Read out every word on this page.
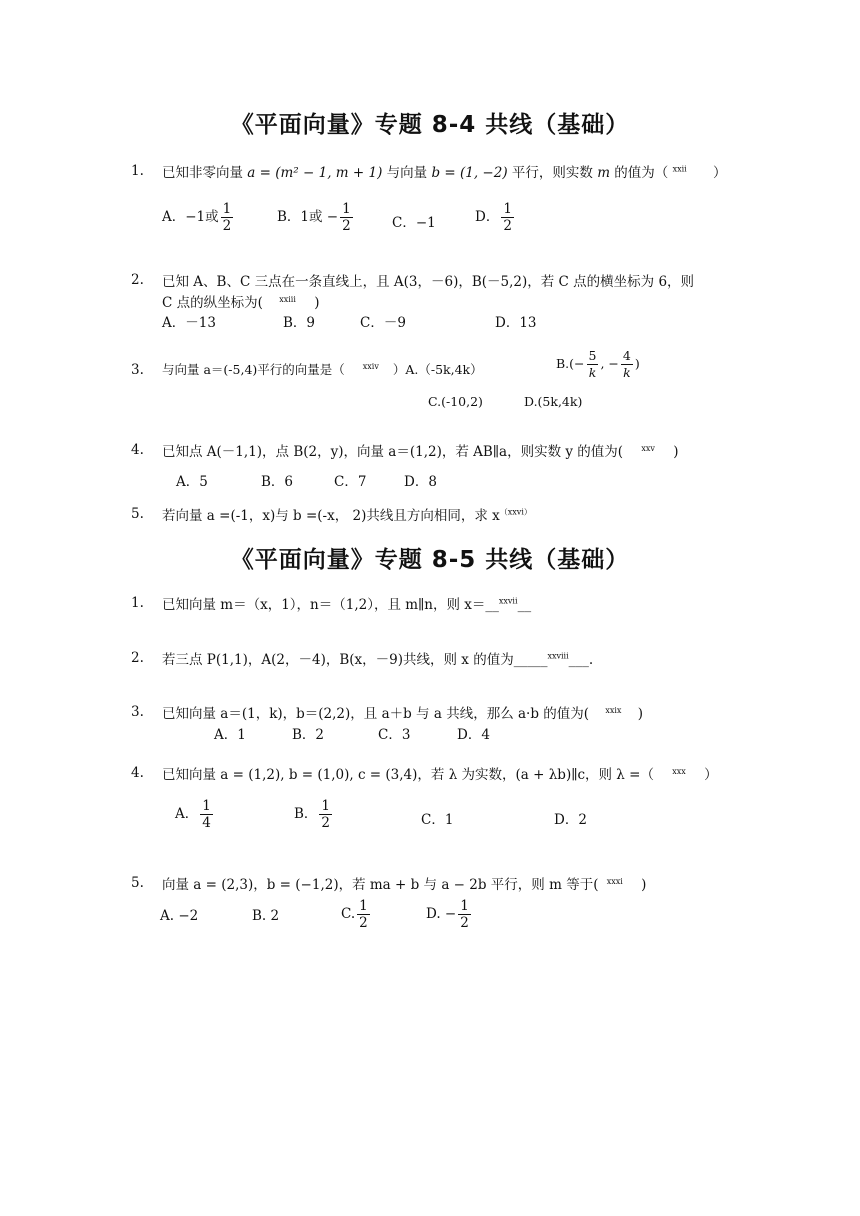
《平面向量》专题 8-4 共线（基础）
1. 已知非零向量 a = (m² − 1, m + 1) 与向量 b = (1, −2) 平行，则实数 m 的值为（ $^{xxii}$ ）
A．−1或 $\frac{1}{2}$	B．1或 − $\frac{1}{2}$	C．−1	D． $\frac{1}{2}$
2. 已知 A、B、C 三点在一条直线上，且 A(3，－6)，B(－5,2)，若 C 点的横坐标为 6，则
C 点的纵坐标为( $^{xxiii}$ )
A．－13	B．9	C．－9	D．13
3. 与向量 a＝(-5,4)平行的向量是（ $^{xxiv}$ ）A.（-5k,4k）	$B.(- \frac{5}{k}$ , − $\frac{4}{k}$ )
C.(-10,2)	D.(5k,4k)
4. 已知点 A(－1,1)，点 B(2，y)，向量 a＝(1,2)，若 AB∥a，则实数 y 的值为( $^{xxv}$ )
A．5	B．6	C．7	D．8
5. 若向量 a =(-1，x)与 b =(-x， 2)共线且方向相同，求 $x^{(xxvi)}$
《平面向量》专题 8-5 共线（基础）
1. 已知向量 m＝（x，1），n＝（1,2），且 m∥n，则 x＝__$^{xxvii}$__
2. 若三点 P(1,1)，A(2，－4)，B(x，－9)共线，则 x 的值为_____$^{xxviii}$___.
3. 已知向量 a＝(1，k)，b＝(2,2)，且 a＋b 与 a 共线，那么 a·b 的值为( $^{xxix}$ )
A．1	B．2	C．3	D．4
4. 已知向量 a = (1,2), b = (1,0), c = (3,4)，若 λ 为实数，(a + λb)∥c，则 λ =（ $^{xxx}$ ）
A． $\frac{1}{4}$	B． $\frac{1}{2}$	C．1	D．2
5. 向量 a = (2,3)，b = (−1,2)，若 ma + b 与 a − 2b 平行，则 m 等于( $^{xxxi}$ )
A. −2	B. 2	C. $\frac{1}{2}$	D. − $\frac{1}{2}$
